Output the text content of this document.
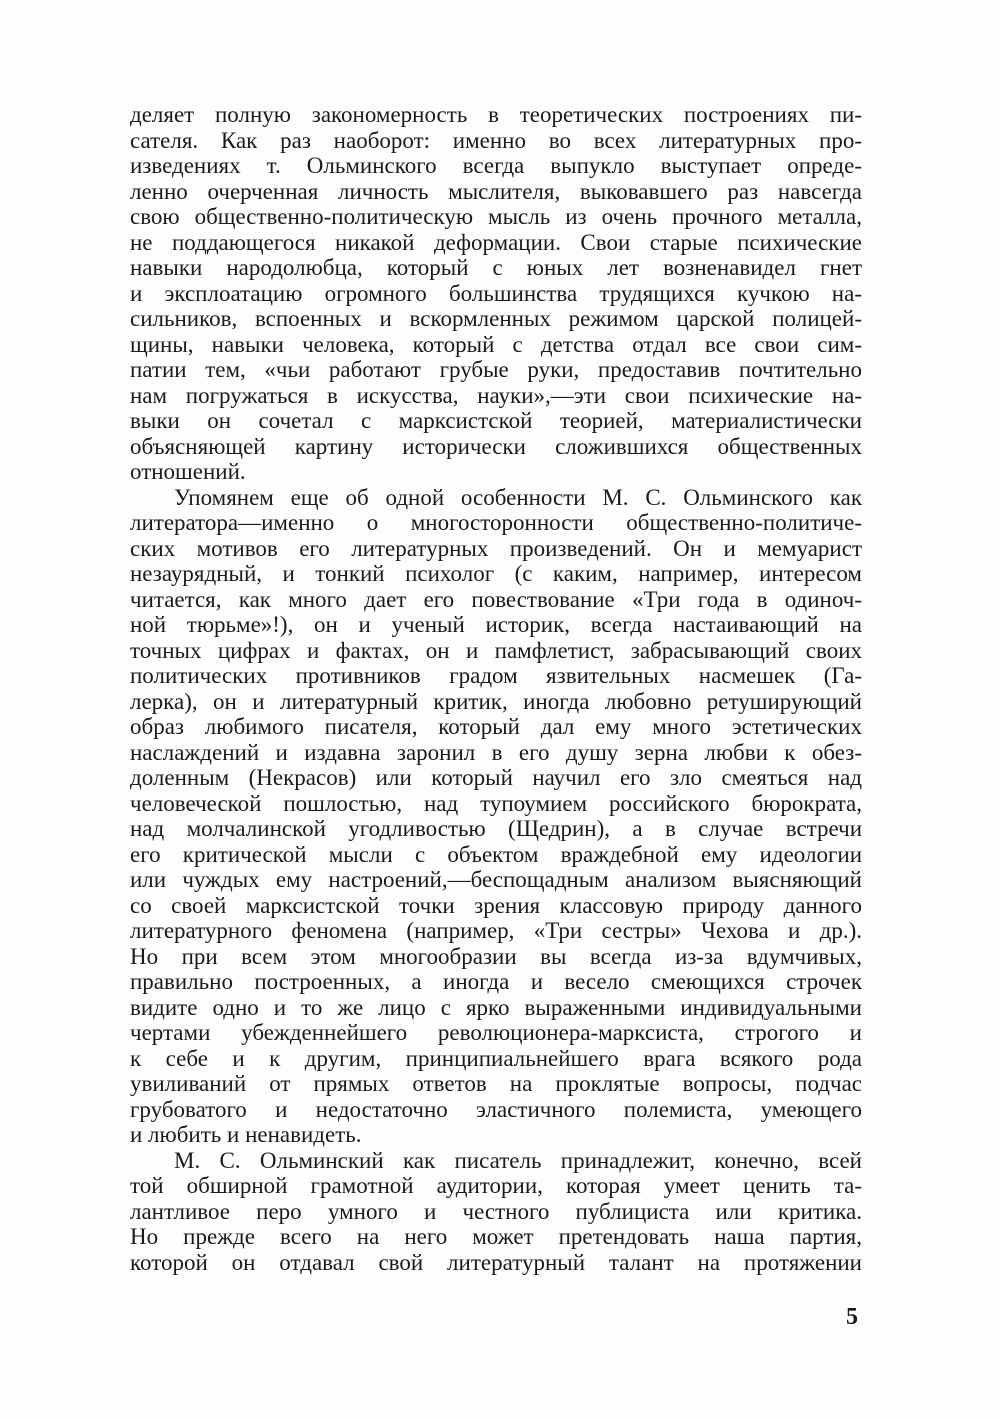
деляет полную закономерность в теоретических построениях пи-
сателя. Как раз наоборот: именно во всех литературных про-
изведениях т. Ольминского всегда выпукло выступает опреде-
ленно очерченная личность мыслителя, выковавшего раз навсегда
свою общественно-политическую мысль из очень прочного металла,
не поддающегося никакой деформации. Свои старые психические
навыки народолюбца, который с юных лет возненавидел гнет
и эксплоатацию огромного большинства трудящихся кучкою на-
сильников, вспоенных и вскормленных режимом царской полицей-
щины, навыки человека, который с детства отдал все свои сим-
патии тем, «чьи работают грубые руки, предоставив почтительно
нам погружаться в искусства, науки»,—эти свои психические на-
выки он сочетал с марксистской теорией, материалистически
объясняющей картину исторически сложившихся общественных
отношений.
Упомянем еще об одной особенности М. С. Ольминского как
литератора—именно о многосторонности общественно-политиче-
ских мотивов его литературных произведений. Он и мемуарист
незаурядный, и тонкий психолог (с каким, например, интересом
читается, как много дает его повествование «Три года в одиноч-
ной тюрьме»!), он и ученый историк, всегда настаивающий на
точных цифрах и фактах, он и памфлетист, забрасывающий своих
политических противников градом язвительных насмешек (Га-
лерка), он и литературный критик, иногда любовно ретуширующий
образ любимого писателя, который дал ему много эстетических
наслаждений и издавна заронил в его душу зерна любви к обез-
доленным (Некрасов) или который научил его зло смеяться над
человеческой пошлостью, над тупоумием российского бюрократа,
над молчалинской угодливостью (Щедрин), а в случае встречи
его критической мысли с объектом враждебной ему идеологии
или чуждых ему настроений,—беспощадным анализом выясняющий
со своей марксистской точки зрения классовую природу данного
литературного феномена (например, «Три сестры» Чехова и др.).
Но при всем этом многообразии вы всегда из-за вдумчивых,
правильно построенных, а иногда и весело смеющихся строчек
видите одно и то же лицо с ярко выраженными индивидуальными
чертами убежденнейшего революционера-марксиста, строгого и
к себе и к другим, принципиальнейшего врага всякого рода
увиливаний от прямых ответов на проклятые вопросы, подчас
грубоватого и недостаточно эластичного полемиста, умеющего
и любить и ненавидеть.
М. С. Ольминский как писатель принадлежит, конечно, всей
той обширной грамотной аудитории, которая умеет ценить та-
лантливое перо умного и честного публициста или критика.
Но прежде всего на него может претендовать наша партия,
которой он отдавал свой литературный талант на протяжении
5
